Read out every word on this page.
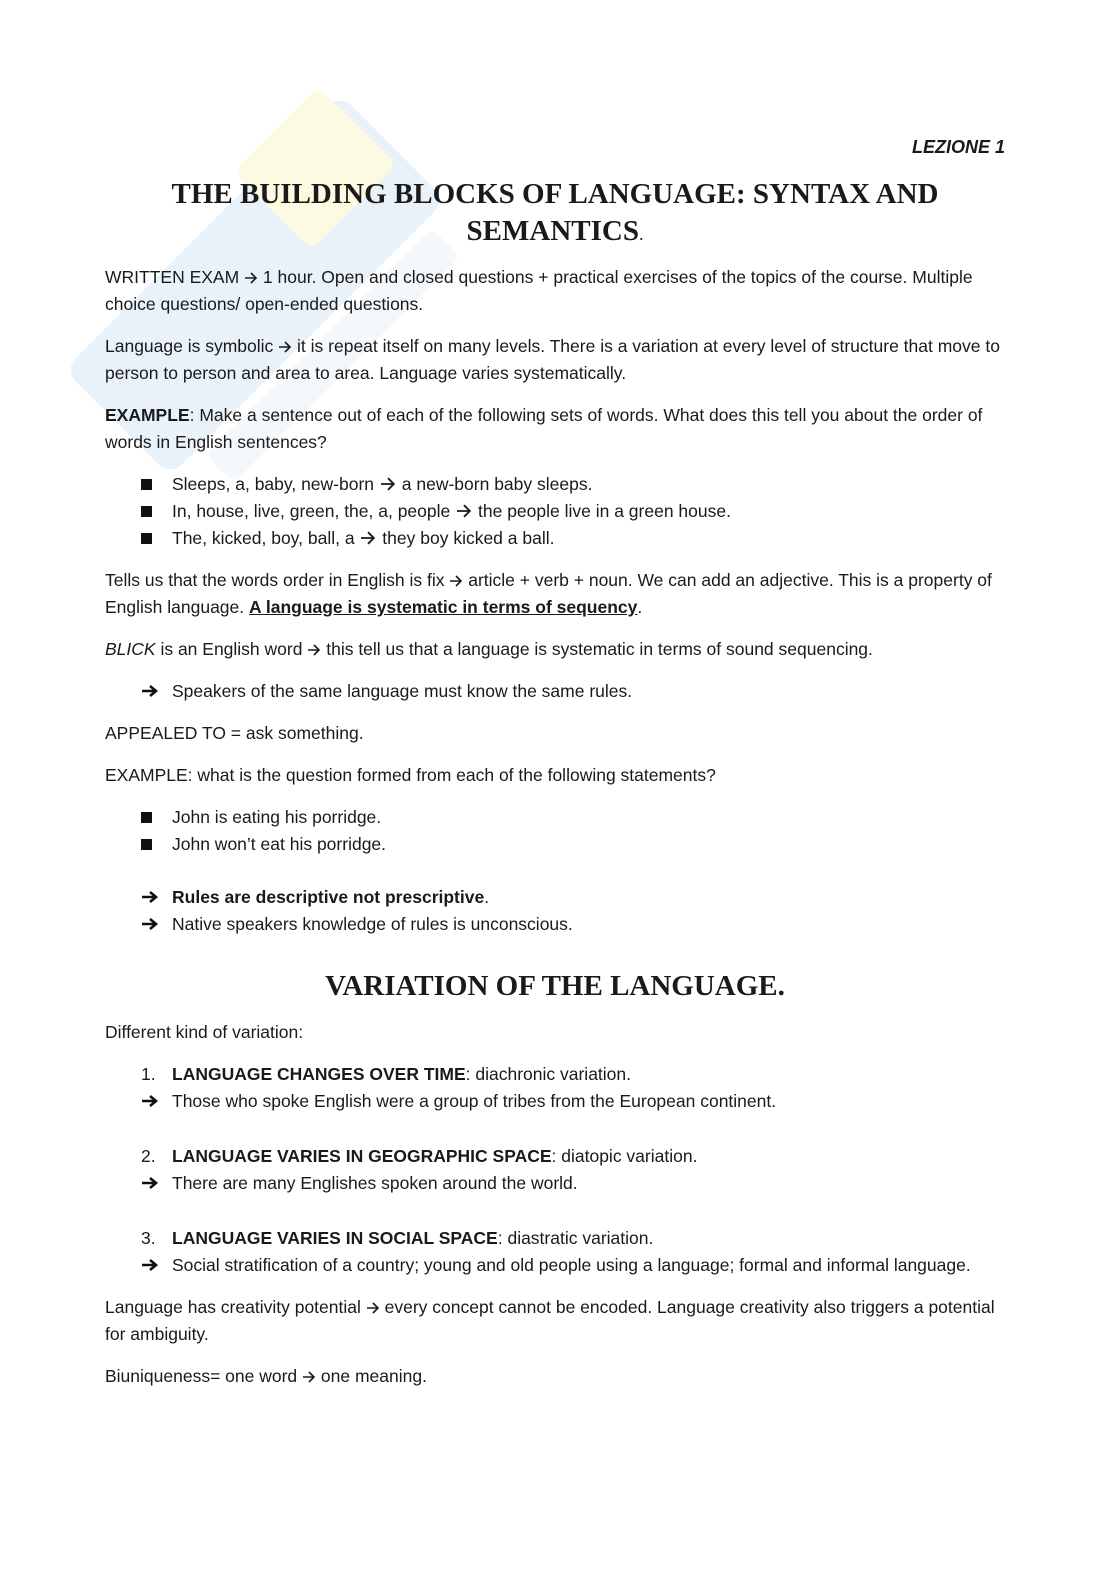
LEZIONE 1
THE BUILDING BLOCKS OF LANGUAGE: SYNTAX AND
SEMANTICS.

WRITTEN EXAM 1 hour. Open and closed questions + practical exercises of the topics of the course. Multiple choice questions/ open-ended questions.

Language is symbolic it is repeat itself on many levels. There is a variation at every level of structure that move to person to person and area to area. Language varies systematically.

EXAMPLE: Make a sentence out of each of the following sets of words. What does this tell you about the order of words in English sentences?

Sleeps, a, baby, new-born a new-born baby sleeps.
In, house, live, green, the, a, people the people live in a green house.
The, kicked, boy, ball, a they boy kicked a ball.

Tells us that the words order in English is fix article + verb + noun. We can add an adjective. This is a property of English language. A language is systematic in terms of sequency.

BLICK is an English word this tell us that a language is systematic in terms of sound sequencing.

Speakers of the same language must know the same rules.

APPEALED TO = ask something.

EXAMPLE: what is the question formed from each of the following statements?

John is eating his porridge.
John won’t eat his porridge.
Rules are descriptive not prescriptive.
Native speakers knowledge of rules is unconscious.
VARIATION OF THE LANGUAGE.

Different kind of variation:

1. LANGUAGE CHANGES OVER TIME: diachronic variation.
Those who spoke English were a group of tribes from the European continent.
2. LANGUAGE VARIES IN GEOGRAPHIC SPACE: diatopic variation.
There are many Englishes spoken around the world.
3. LANGUAGE VARIES IN SOCIAL SPACE: diastratic variation.
Social stratification of a country; young and old people using a language; formal and informal language.

Language has creativity potential every concept cannot be encoded. Language creativity also triggers a potential for ambiguity.

Biuniqueness= one word one meaning.
